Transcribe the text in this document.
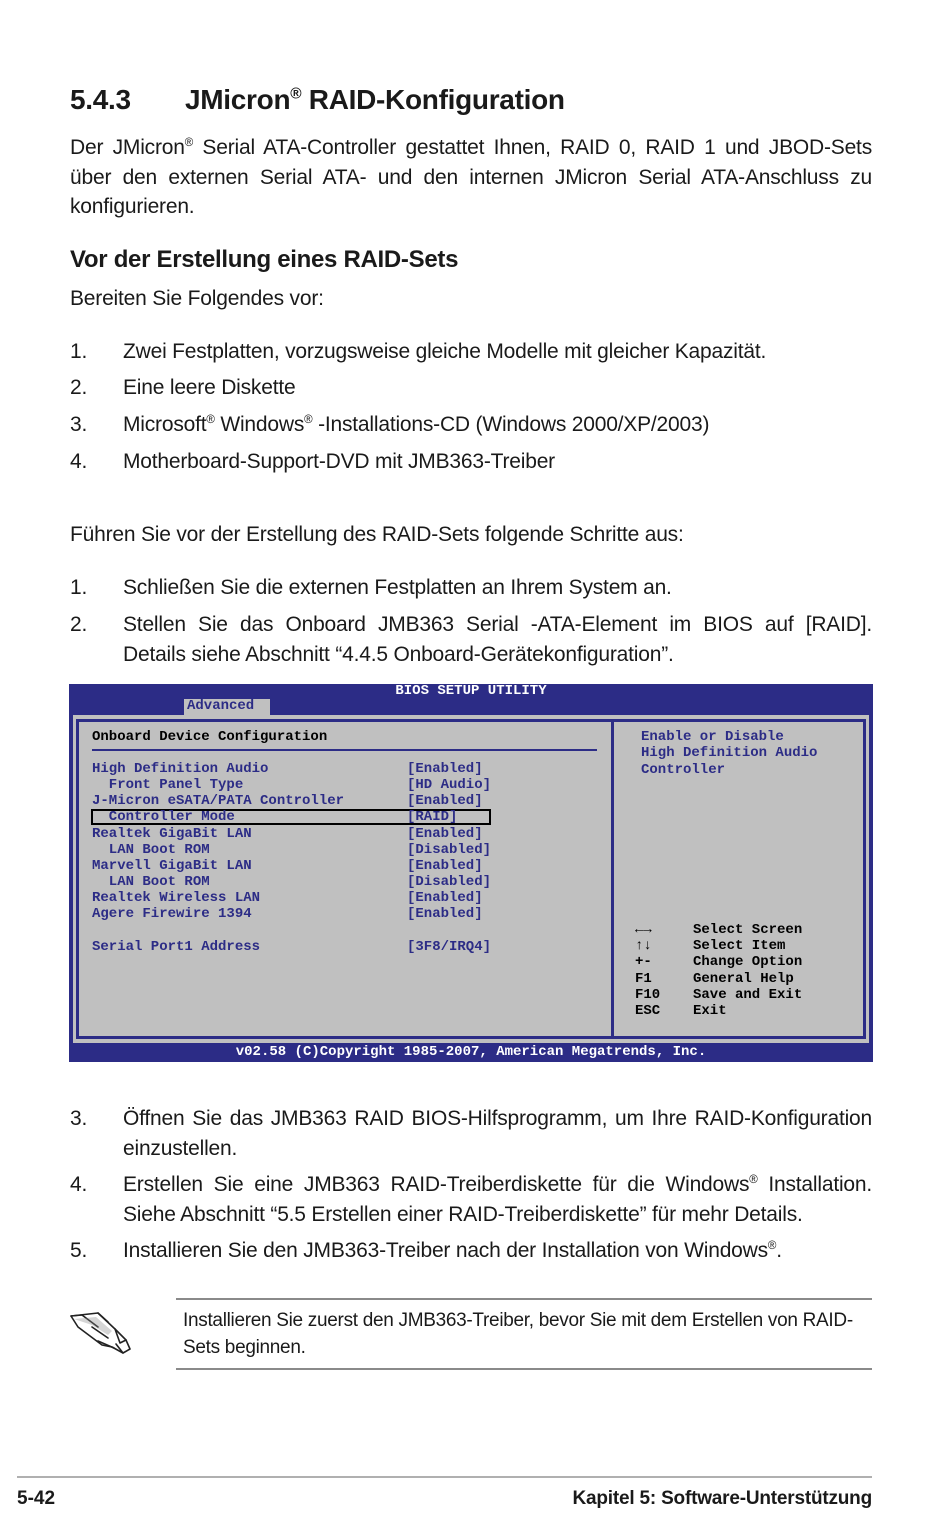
5.4.3 JMicron® RAID-Konfiguration

Der JMicron® Serial ATA-Controller gestattet Ihnen, RAID 0, RAID 1 und JBOD-Sets über den externen Serial ATA- und den internen JMicron Serial ATA-Anschluss zu konfigurieren.

Vor der Erstellung eines RAID-Sets

Bereiten Sie Folgendes vor:

1.	Zwei Festplatten, vorzugsweise gleiche Modelle mit gleicher Kapazität.
2.	Eine leere Diskette
3.	Microsoft® Windows® -Installations-CD (Windows 2000/XP/2003)
4.	Motherboard-Support-DVD mit JMB363-Treiber

Führen Sie vor der Erstellung des RAID-Sets folgende Schritte aus:

1.	Schließen Sie die externen Festplatten an Ihrem System an.
2.	Stellen Sie das Onboard JMB363 Serial -ATA-Element im BIOS auf [RAID]. Details siehe Abschnitt “4.4.5 Onboard-Gerätekonfiguration”.
BIOS SETUP UTILITY
Advanced
Onboard Device Configuration
High Definition Audio	[Enabled]
Front Panel Type	[HD Audio]
J-Micron eSATA/PATA Controller	[Enabled]
Controller Mode	[RAID]
Realtek GigaBit LAN	[Enabled]
LAN Boot ROM	[Disabled]
Marvell GigaBit LAN	[Enabled]
LAN Boot ROM	[Disabled]
Realtek Wireless LAN	[Enabled]
Agere Firewire 1394	[Enabled]
Serial Port1 Address	[3F8/IRQ4]
Enable or Disable
High Definition Audio
Controller
←→	Select Screen
↑↓	Select Item
+-	Change Option
F1	General Help
F10 Save and Exit
ESC Exit
v02.58 (C)Copyright 1985-2007, American Megatrends, Inc.
3.	Öffnen Sie das JMB363 RAID BIOS-Hilfsprogramm, um Ihre RAID-Konfiguration einzustellen.
4.	Erstellen Sie eine JMB363 RAID-Treiberdiskette für die Windows® Installation. Siehe Abschnitt “5.5 Erstellen einer RAID-Treiberdiskette” für mehr Details.
5.	Installieren Sie den JMB363-Treiber nach der Installation von Windows®.
Installieren Sie zuerst den JMB363-Treiber, bevor Sie mit dem Erstellen von RAID-Sets beginnen.
5-42	Kapitel 5: Software-Unterstützung
